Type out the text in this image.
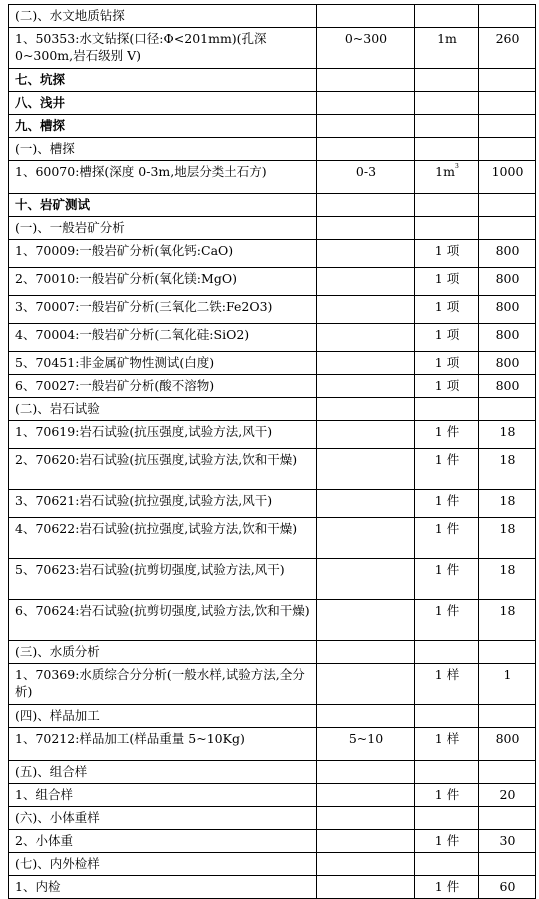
(二)、水文地质钻探			
1、50353:水文钻探(口径:Φ<201mm)(孔深 0~300m,岩石级别 V)	0~300	1m	260
七、坑探			
八、浅井			
九、槽探			
(一)、槽探			
1、60070:槽探(深度 0-3m,地层分类土石方)	0-3	$1m^3$	1000
十、岩矿测试			
(一)、一般岩矿分析			
1、70009:一般岩矿分析(氧化钙:CaO)		1 项	800
2、70010:一般岩矿分析(氧化镁:MgO)		1 项	800
3、70007:一般岩矿分析(三氧化二铁:Fe2O3)		1 项	800
4、70004:一般岩矿分析(二氧化硅:SiO2)		1 项	800
5、70451:非金属矿物性测试(白度)		1 项	800
6、70027:一般岩矿分析(酸不溶物)		1 项	800
(二)、岩石试验			
1、70619:岩石试验(抗压强度,试验方法,风干)		1 件	18
2、70620:岩石试验(抗压强度,试验方法,饮和干燥)		1 件	18
3、70621:岩石试验(抗拉强度,试验方法,风干)		1 件	18
4、70622:岩石试验(抗拉强度,试验方法,饮和干燥)		1 件	18
5、70623:岩石试验(抗剪切强度,试验方法,风干)		1 件	18
6、70624:岩石试验(抗剪切强度,试验方法,饮和干燥)		1 件	18
(三)、水质分析			
1、70369:水质综合分分析(一般水样,试验方法,全分析)		1 样	1
(四)、样品加工			
1、70212:样品加工(样品重量 5~10Kg)	5~10	1 样	800
(五)、组合样			
1、组合样		1 件	20
(六)、小体重样			
2、小体重		1 件	30
(七)、内外检样			
1、内检		1 件	60
